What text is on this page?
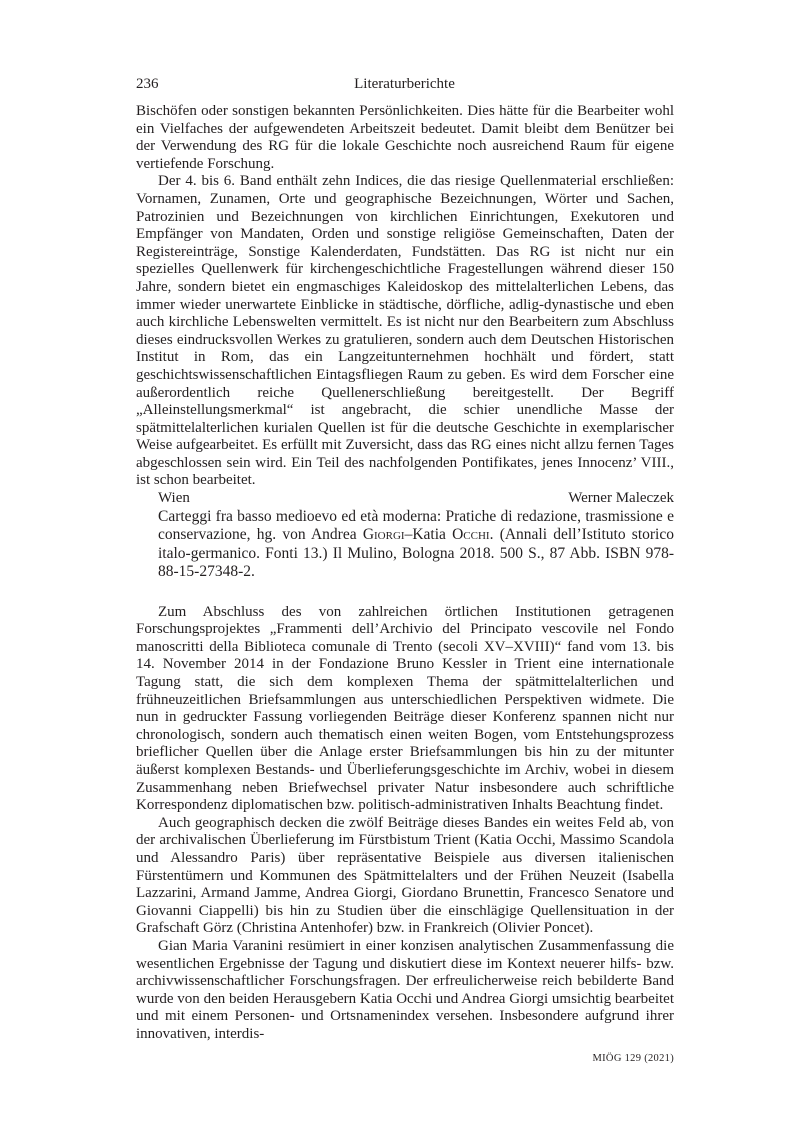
236	Literaturberichte

Bischöfen oder sonstigen bekannten Persönlichkeiten. Dies hätte für die Bearbeiter wohl ein Vielfaches der aufgewendeten Arbeitszeit bedeutet. Damit bleibt dem Benützer bei der Verwendung des RG für die lokale Geschichte noch ausreichend Raum für eigene vertiefende Forschung.

Der 4. bis 6. Band enthält zehn Indices, die das riesige Quellenmaterial erschließen: Vornamen, Zunamen, Orte und geographische Bezeichnungen, Wörter und Sachen, Patrozinien und Bezeichnungen von kirchlichen Einrichtungen, Exekutoren und Empfänger von Mandaten, Orden und sonstige religiöse Gemeinschaften, Daten der Registereinträge, Sonstige Kalenderdaten, Fundstätten. Das RG ist nicht nur ein spezielles Quellenwerk für kirchengeschichtliche Fragestellungen während dieser 150 Jahre, sondern bietet ein engmaschiges Kaleidoskop des mittelalterlichen Lebens, das immer wieder unerwartete Einblicke in städtische, dörfliche, adlig-dynastische und eben auch kirchliche Lebenswelten vermittelt. Es ist nicht nur den Bearbeitern zum Abschluss dieses eindrucksvollen Werkes zu gratulieren, sondern auch dem Deutschen Historischen Institut in Rom, das ein Langzeitunternehmen hochhält und fördert, statt geschichtswissenschaftlichen Eintagsfliegen Raum zu geben. Es wird dem Forscher eine außerordentlich reiche Quellenerschließung bereitgestellt. Der Begriff „Alleinstellungsmerkmal“ ist angebracht, die schier unendliche Masse der spätmittelalterlichen kurialen Quellen ist für die deutsche Geschichte in exemplarischer Weise aufgearbeitet. Es erfüllt mit Zuversicht, dass das RG eines nicht allzu fernen Tages abgeschlossen sein wird. Ein Teil des nachfolgenden Pontifikates, jenes Innocenz’ VIII., ist schon bearbeitet.

Wien	Werner Maleczek

Carteggi fra basso medioevo ed età moderna: Pratiche di redazione, trasmissione e conservazione, hg. von Andrea Giorgi–Katia Occhi. (Annali dell’Istituto storico italo-germanico. Fonti 13.) Il Mulino, Bologna 2018. 500 S., 87 Abb. ISBN 978-88-15-27348-2.

Zum Abschluss des von zahlreichen örtlichen Institutionen getragenen Forschungsprojektes „Frammenti dell’Archivio del Principato vescovile nel Fondo manoscritti della Biblioteca comunale di Trento (secoli XV–XVIII)“ fand vom 13. bis 14. November 2014 in der Fondazione Bruno Kessler in Trient eine internationale Tagung statt, die sich dem komplexen Thema der spätmittelalterlichen und frühneuzeitlichen Briefsammlungen aus unterschiedlichen Perspektiven widmete. Die nun in gedruckter Fassung vorliegenden Beiträge dieser Konferenz spannen nicht nur chronologisch, sondern auch thematisch einen weiten Bogen, vom Entstehungsprozess brieflicher Quellen über die Anlage erster Briefsammlungen bis hin zu der mitunter äußerst komplexen Bestands- und Überlieferungsgeschichte im Archiv, wobei in diesem Zusammenhang neben Briefwechsel privater Natur insbesondere auch schriftliche Korrespondenz diplomatischen bzw. politisch-administrativen Inhalts Beachtung findet.

Auch geographisch decken die zwölf Beiträge dieses Bandes ein weites Feld ab, von der archivalischen Überlieferung im Fürstbistum Trient (Katia Occhi, Massimo Scandola und Alessandro Paris) über repräsentative Beispiele aus diversen italienischen Fürstentümern und Kommunen des Spätmittelalters und der Frühen Neuzeit (Isabella Lazzarini, Armand Jamme, Andrea Giorgi, Giordano Brunettin, Francesco Senatore und Giovanni Ciappelli) bis hin zu Studien über die einschlägige Quellensituation in der Grafschaft Görz (Christina Antenhofer) bzw. in Frankreich (Olivier Poncet).

Gian Maria Varanini resümiert in einer konzisen analytischen Zusammenfassung die wesentlichen Ergebnisse der Tagung und diskutiert diese im Kontext neuerer hilfs- bzw. archivwissenschaftlicher Forschungsfragen. Der erfreulicherweise reich bebilderte Band wurde von den beiden Herausgebern Katia Occhi und Andrea Giorgi umsichtig bearbeitet und mit einem Personen- und Ortsnamenindex versehen. Insbesondere aufgrund ihrer innovativen, interdis-

MIÖG 129 (2021)
